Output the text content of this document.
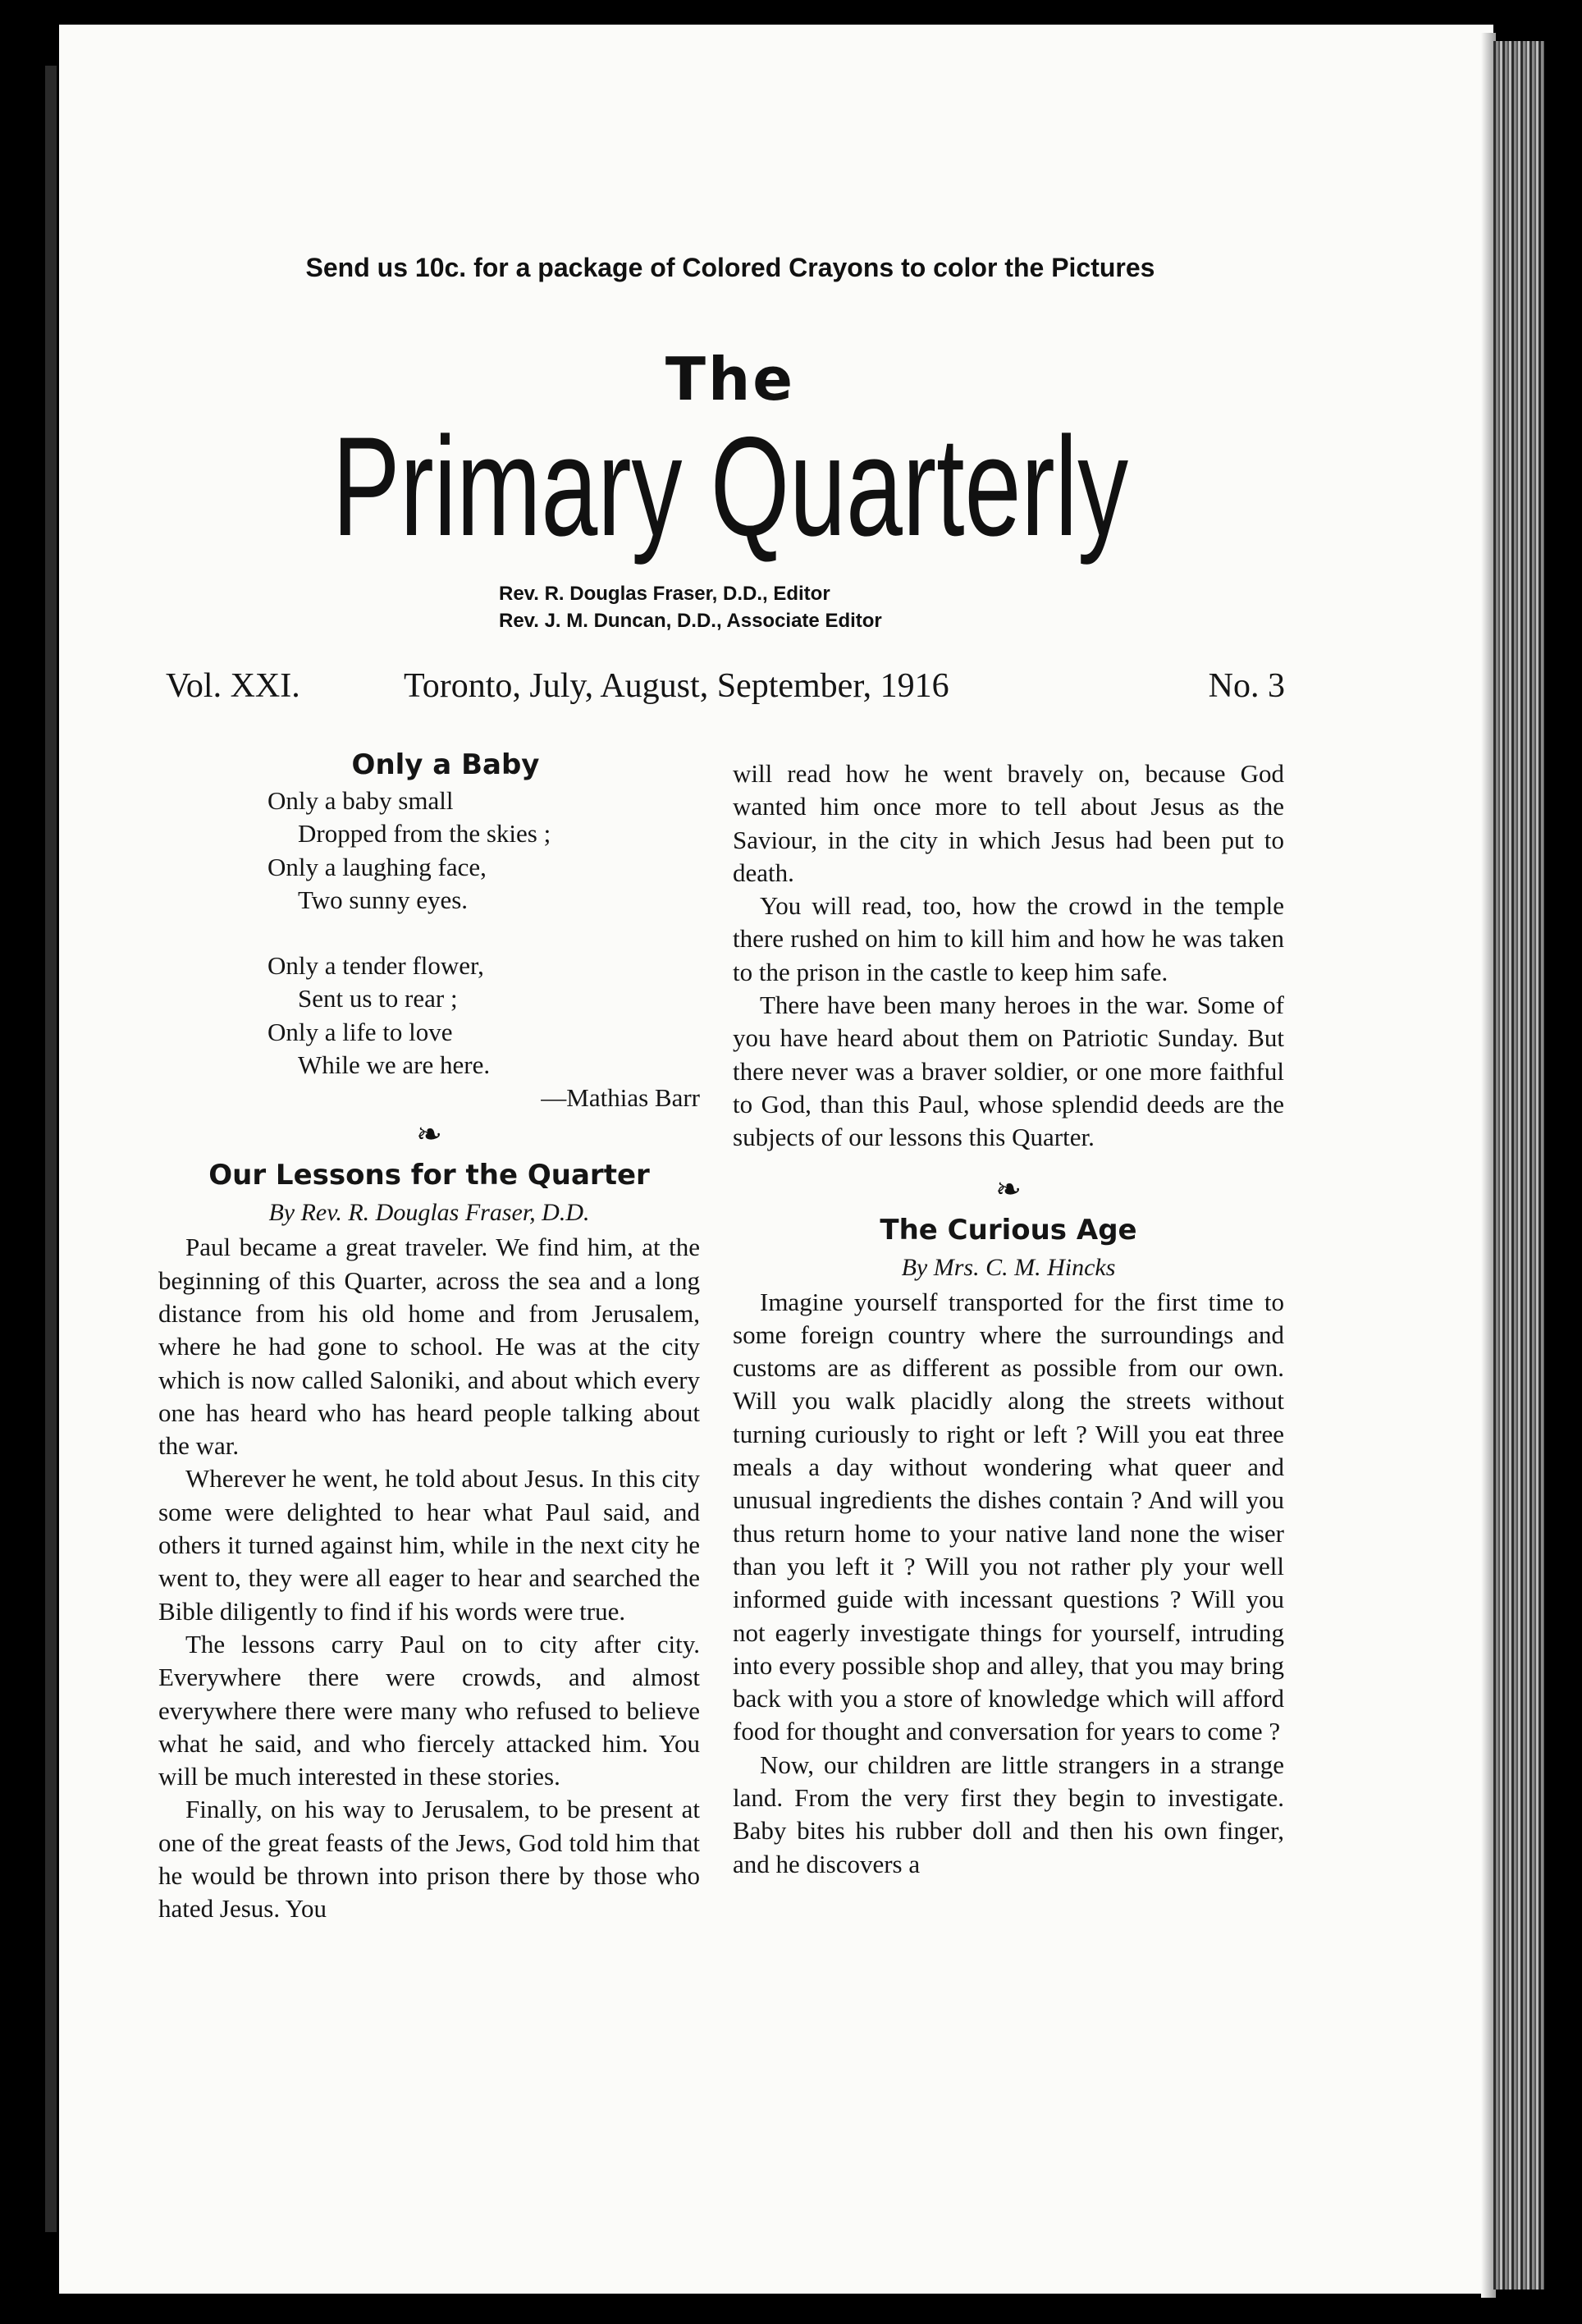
Send us 10c. for a package of Colored Crayons to color the Pictures
The
Primary Quarterly
Rev. R. Douglas Fraser, D.D., Editor
Rev. J. M. Duncan, D.D., Associate Editor
Vol. XXI.	Toronto, July, August, September, 1916	No. 3
Only a Baby
Only a baby small
Dropped from the skies ;
Only a laughing face,
Two sunny eyes.
Only a tender flower,
Sent us to rear ;
Only a life to love
While we are here.
—Mathias Barr
❧
Our Lessons for the Quarter
By Rev. R. Douglas Fraser, D.D.

Paul became a great traveler. We find him, at the beginning of this Quarter, across the sea and a long distance from his old home and from Jerusalem, where he had gone to school. He was at the city which is now called Saloniki, and about which every one has heard who has heard people talking about the war.

Wherever he went, he told about Jesus. In this city some were delighted to hear what Paul said, and others it turned against him, while in the next city he went to, they were all eager to hear and searched the Bible diligently to find if his words were true.

The lessons carry Paul on to city after city. Everywhere there were crowds, and almost everywhere there were many who refused to believe what he said, and who fiercely attacked him. You will be much interested in these stories.

Finally, on his way to Jerusalem, to be present at one of the great feasts of the Jews, God told him that he would be thrown into prison there by those who hated Jesus. You

will read how he went bravely on, because God wanted him once more to tell about Jesus as the Saviour, in the city in which Jesus had been put to death.

You will read, too, how the crowd in the temple there rushed on him to kill him and how he was taken to the prison in the castle to keep him safe.

There have been many heroes in the war. Some of you have heard about them on Patriotic Sunday. But there never was a braver soldier, or one more faithful to God, than this Paul, whose splendid deeds are the subjects of our lessons this Quarter.

❧
The Curious Age
By Mrs. C. M. Hincks

Imagine yourself transported for the first time to some foreign country where the surroundings and customs are as different as possible from our own. Will you walk placidly along the streets without turning curiously to right or left ? Will you eat three meals a day without wondering what queer and unusual ingredients the dishes contain ? And will you thus return home to your native land none the wiser than you left it ? Will you not rather ply your well informed guide with incessant questions ? Will you not eagerly investigate things for yourself, intruding into every possible shop and alley, that you may bring back with you a store of knowledge which will afford food for thought and conversation for years to come ?

Now, our children are little strangers in a strange land. From the very first they begin to investigate. Baby bites his rubber doll and then his own finger, and he discovers a
